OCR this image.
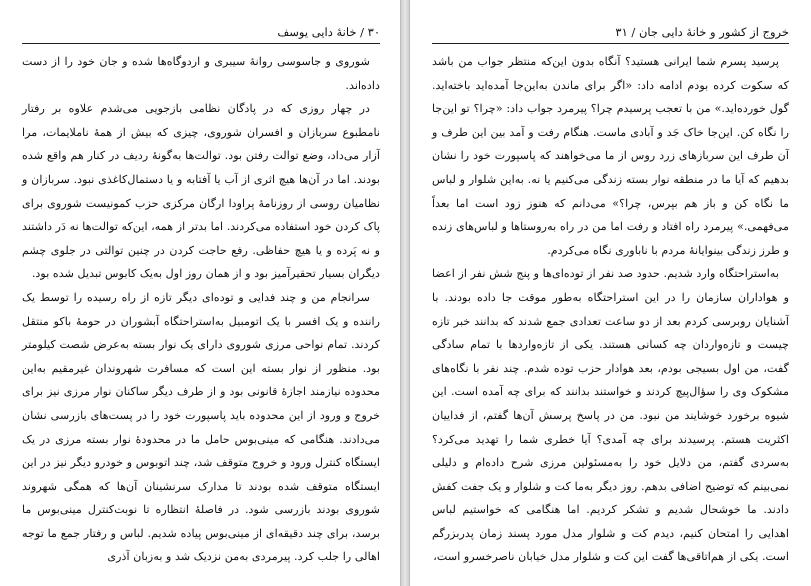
۳۰ / خانهٔ دایی یوسف

شوروی و جاسوسی روانهٔ سیبری و اردوگاه‌ها شده و جان خود را از دست داده‌اند.

در چهار روزی که در پادگان نظامی بازجویی می‌شدم علاوه بر رفتار نامطبوع سربازان و افسران شوروی، چیزی که بیش از همهٔ ناملایمات، مرا آزار می‌داد، وضع توالت رفتن بود. توالت‌ها به‌گونهٔ ردیف در کنار هم واقع شده بودند. اما در آن‌ها هیچ اثری از آب یا آفتابه و یا دستمال‌کاغذی نبود. سربازان و نظامیان روسی از روزنامهٔ پراودا ارگان مرکزی حزب کمونیست شوروی برای پاک کردن خود استفاده می‌کردند. اما بدتر از همه، این‌که توالت‌ها نه دَر داشتند و نه پَرده و یا هیچ حفاظی. رفع حاجت کردن در چنین توالتی در جلوی چشم دیگران بسیار تحقیرآمیز بود و از همان روز اول به‌یک کابوس تبدیل شده بود.

سرانجام من و چند فدایی و توده‌ای دیگر تازه از راه رسیده را توسط یک راننده و یک افسر با یک اتومبیل به‌استراحتگاه آبشوران در حومهٔ باکو منتقل کردند. تمام نواحی مرزی شوروی دارای یک نوار بسته به‌عرض شصت کیلومتر بود. منظور از نوار بسته این است که مسافرت شهروندان غیرمقیم به‌این محدوده نیازمند اجازهٔ قانونی بود و از طرف دیگر ساکنان نوار مرزی نیز برای خروج و ورود از این محدوده باید پاسپورت خود را در پست‌های بازرسی نشان می‌دادند. هنگامی که مینی‌بوس حامل ما در محدودهٔ نوار بسته مرزی در یک ایستگاه کنترل ورود و خروج متوقف شد، چند اتوبوس و خودرو دیگر نیز در این ایستگاه متوقف شده بودند تا مدارک سرنشینان آن‌ها که همگی شهروند شوروی بودند بازرسی شود. در فاصلهٔ انتظاره تا نوبت‌کنترل مینی‌بوس ما برسد، برای چند دقیقه‌ای از مینی‌بوس پیاده شدیم. لباس و رفتار جمع ما توجه اهالی را جلب کرد. پیرمردی به‌من نزدیک شد و به‌زبان آذری

خروج از کشور و خانهٔ دایی جان / ۳۱

پرسید پسرم شما ایرانی هستید؟ آنگاه بدون این‌که منتظر جواب من باشد که سکوت کرده بودم ادامه داد: «اگر برای ماندن به‌این‌جا آمده‌اید باخته‌اید. گول خورده‌اید.» من با تعجب پرسیدم چرا؟ پیرمرد جواب داد: «چرا؟ تو این‌جا را نگاه کن. این‌جا خاک جَد و آبادی ماست. هنگام رفت و آمد بین این طرف و آن طرف این سربازهای زرد روس از ما می‌خواهند که پاسپورت خود را نشان بدهیم که آیا ما در منطقه نوار بسته زندگی می‌کنیم یا نه. به‌این شلوار و لباس ما نگاه کن و باز هم بپرس، چرا؟» می‌دانم که هنوز زود است اما بعداً می‌فهمی.» پیرمرد راه افتاد و رفت اما من در راه به‌روستاها و لباس‌های زنده و طرز زندگی بینوایانهٔ مردم با ناباوری نگاه می‌کردم.

به‌استراحتگاه وارد شدیم. حدود صد نفر از توده‌ای‌ها و پنج شش نفر از اعضا و هواداران سازمان را در این استراحتگاه به‌طور موقت جا داده بودند. با آشنایان روبرسی کردم بعد از دو ساعت تعدادی جمع شدند که بدانند خبر تازه چیست و تازه‌واردان چه کسانی هستند. یکی از تازه‌واردها با تمام سادگی گفت، من اول بسیجی بودم، بعد هوادار حزب توده شدم. چند نفر با نگاه‌های مشکوک وی را سؤال‌پیچ کردند و خواستند بدانند که برای چه آمده است. این شیوه برخورد خوشایند من نبود. من در پاسخ پرسش آن‌ها گفتم، از فداییان اکثریت هستم. پرسیدند برای چه آمدی؟ آیا خطری شما را تهدید می‌کرد؟ به‌سردی گفتم، من دلایل خود را به‌مسئولین مرزی شرح داده‌ام و دلیلی نمی‌بینم که توضیح اضافی بدهم. روز دیگر به‌ما کت و شلوار و یک جفت کفش دادند. ما خوشحال شدیم و تشکر کردیم. اما هنگامی که خواستیم لباس اهدایی را امتحان کنیم، دیدم کت و شلوار مدل مورد پسند زمان پدربزرگم است. یکی از هم‌اتاقی‌ها گفت این کت و شلوار مدل خیابان ناصرخسرو است،
